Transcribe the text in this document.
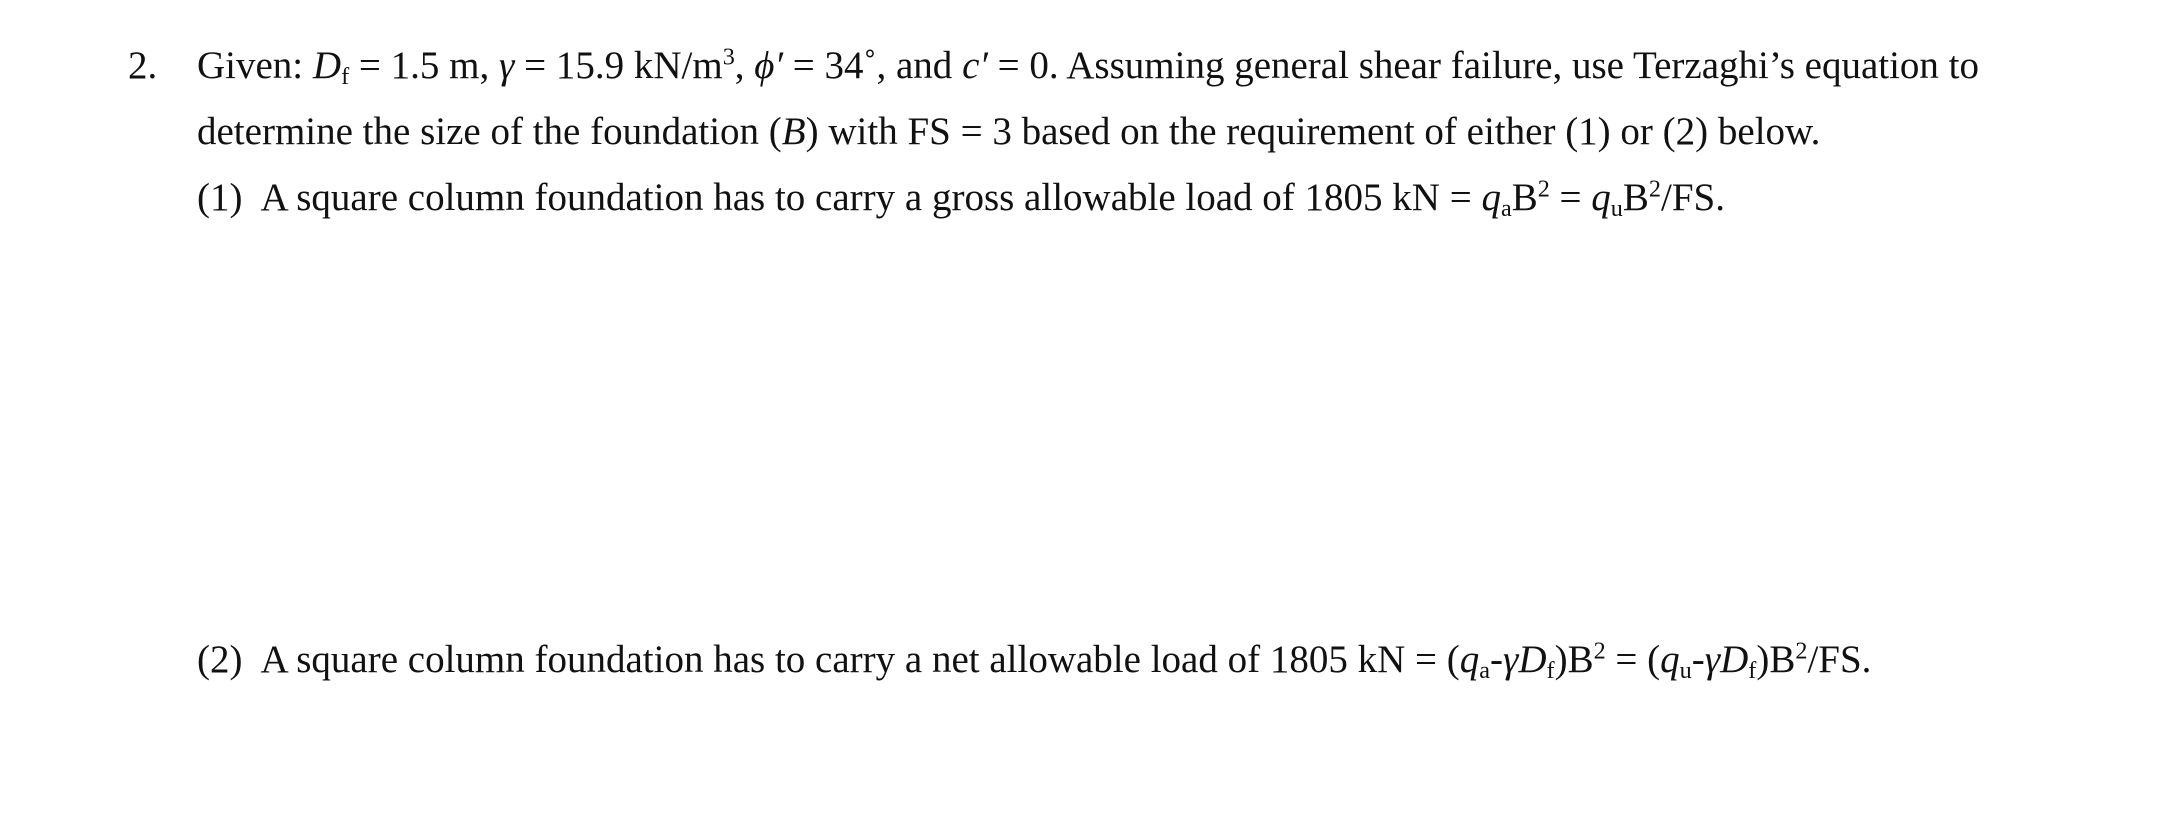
2. Given: $D_f = 1.5$ m, γ = 15.9 $kN/m^3$, ϕ′ = 34˚, and c′ = 0. Assuming general shear failure, use Terzaghi’s equation to
determine the size of the foundation (B) with FS = 3 based on the requirement of either (1) or (2) below.
(1) A square column foundation has to carry a gross allowable load of 1805 kN = $q_aB^2 = q_uB^2/FS$.
(2) A square column foundation has to carry a net allowable load of 1805 kN = $(q_a-\gamma D_f)B^2 = (q_u-\gamma D_f)B^2/FS$.
